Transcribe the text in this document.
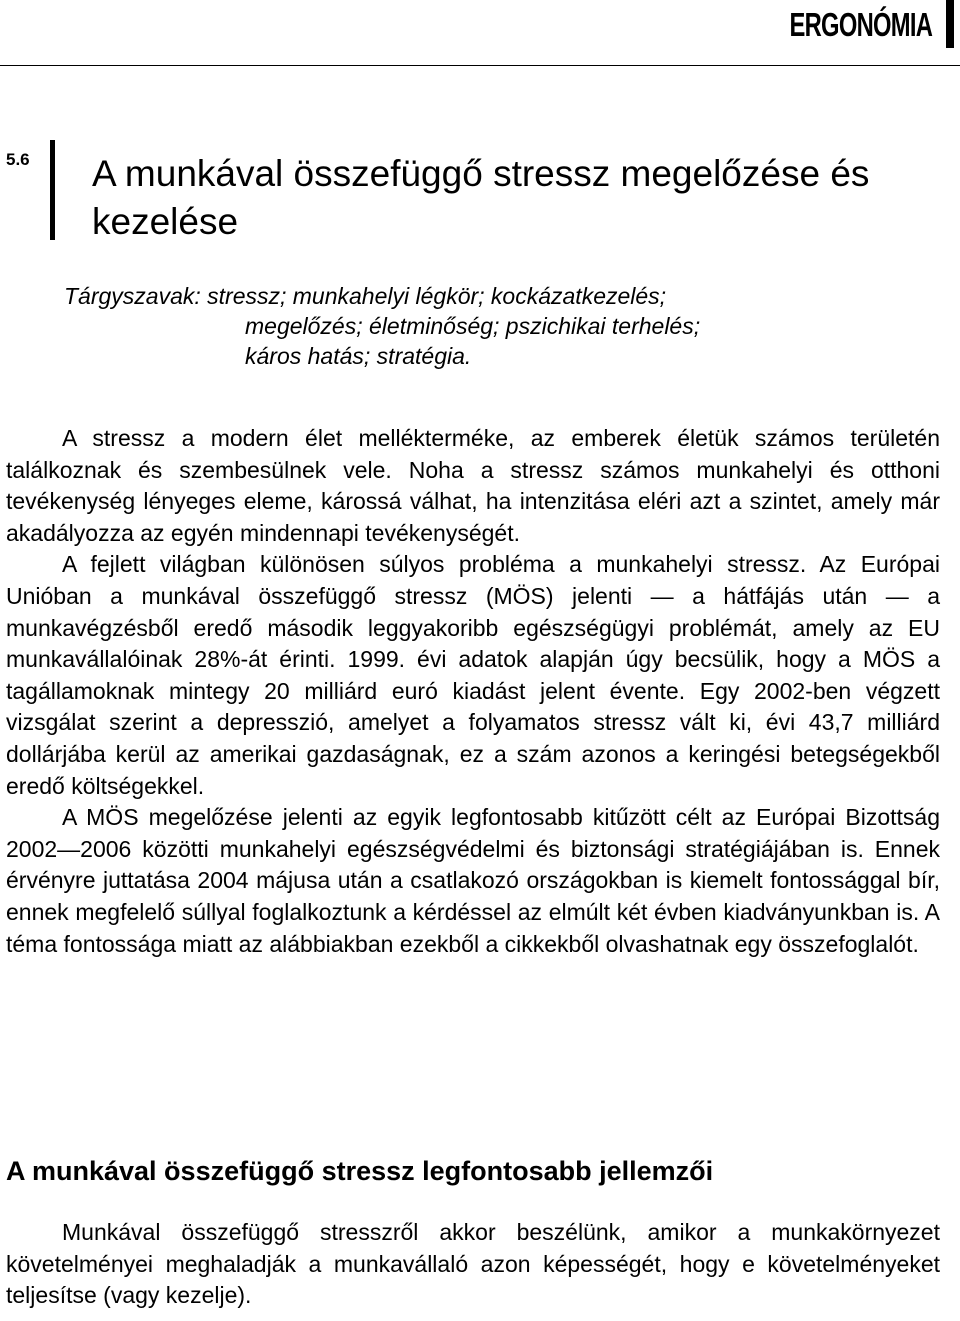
ERGONÓMIA
5.6 A munkával összefüggő stressz megelőzése és kezelése
Tárgyszavak: stressz; munkahelyi légkör; kockázatkezelés;
megelőzés; életminőség; pszichikai terhelés;
káros hatás; stratégia.

A stressz a modern élet mellékterméke, az emberek életük számos területén találkoznak és szembesülnek vele. Noha a stressz számos munkahelyi és otthoni tevékenység lényeges eleme, károssá válhat, ha intenzitása eléri azt a szintet, amely már akadályozza az egyén mindennapi tevékenységét.

A fejlett világban különösen súlyos probléma a munkahelyi stressz. Az Európai Unióban a munkával összefüggő stressz (MÖS) jelenti — a hátfájás után — a munkavégzésből eredő második leggyakoribb egészségügyi problémát, amely az EU munkavállalóinak 28%-át érinti. 1999. évi adatok alapján úgy becsülik, hogy a MÖS a tagállamoknak mintegy 20 milliárd euró kiadást jelent évente. Egy 2002-ben végzett vizsgálat szerint a depresszió, amelyet a folyamatos stressz vált ki, évi 43,7 milliárd dollárjába kerül az amerikai gazdaságnak, ez a szám azonos a keringési betegségekből eredő költségekkel.

A MÖS megelőzése jelenti az egyik legfontosabb kitűzött célt az Európai Bizottság 2002—2006 közötti munkahelyi egészségvédelmi és biztonsági stratégiájában is. Ennek érvényre juttatása 2004 májusa után a csatlakozó országokban is kiemelt fontossággal bír, ennek megfelelő súllyal foglalkoztunk a kérdéssel az elmúlt két évben kiadványunkban is. A téma fontossága miatt az alábbiakban ezekből a cikkekből olvashatnak egy összefoglalót.

A munkával összefüggő stressz legfontosabb jellemzői

Munkával összefüggő stresszről akkor beszélünk, amikor a munkakörnyezet követelményei meghaladják a munkavállaló azon képességét, hogy e követelményeket teljesítse (vagy kezelje).
